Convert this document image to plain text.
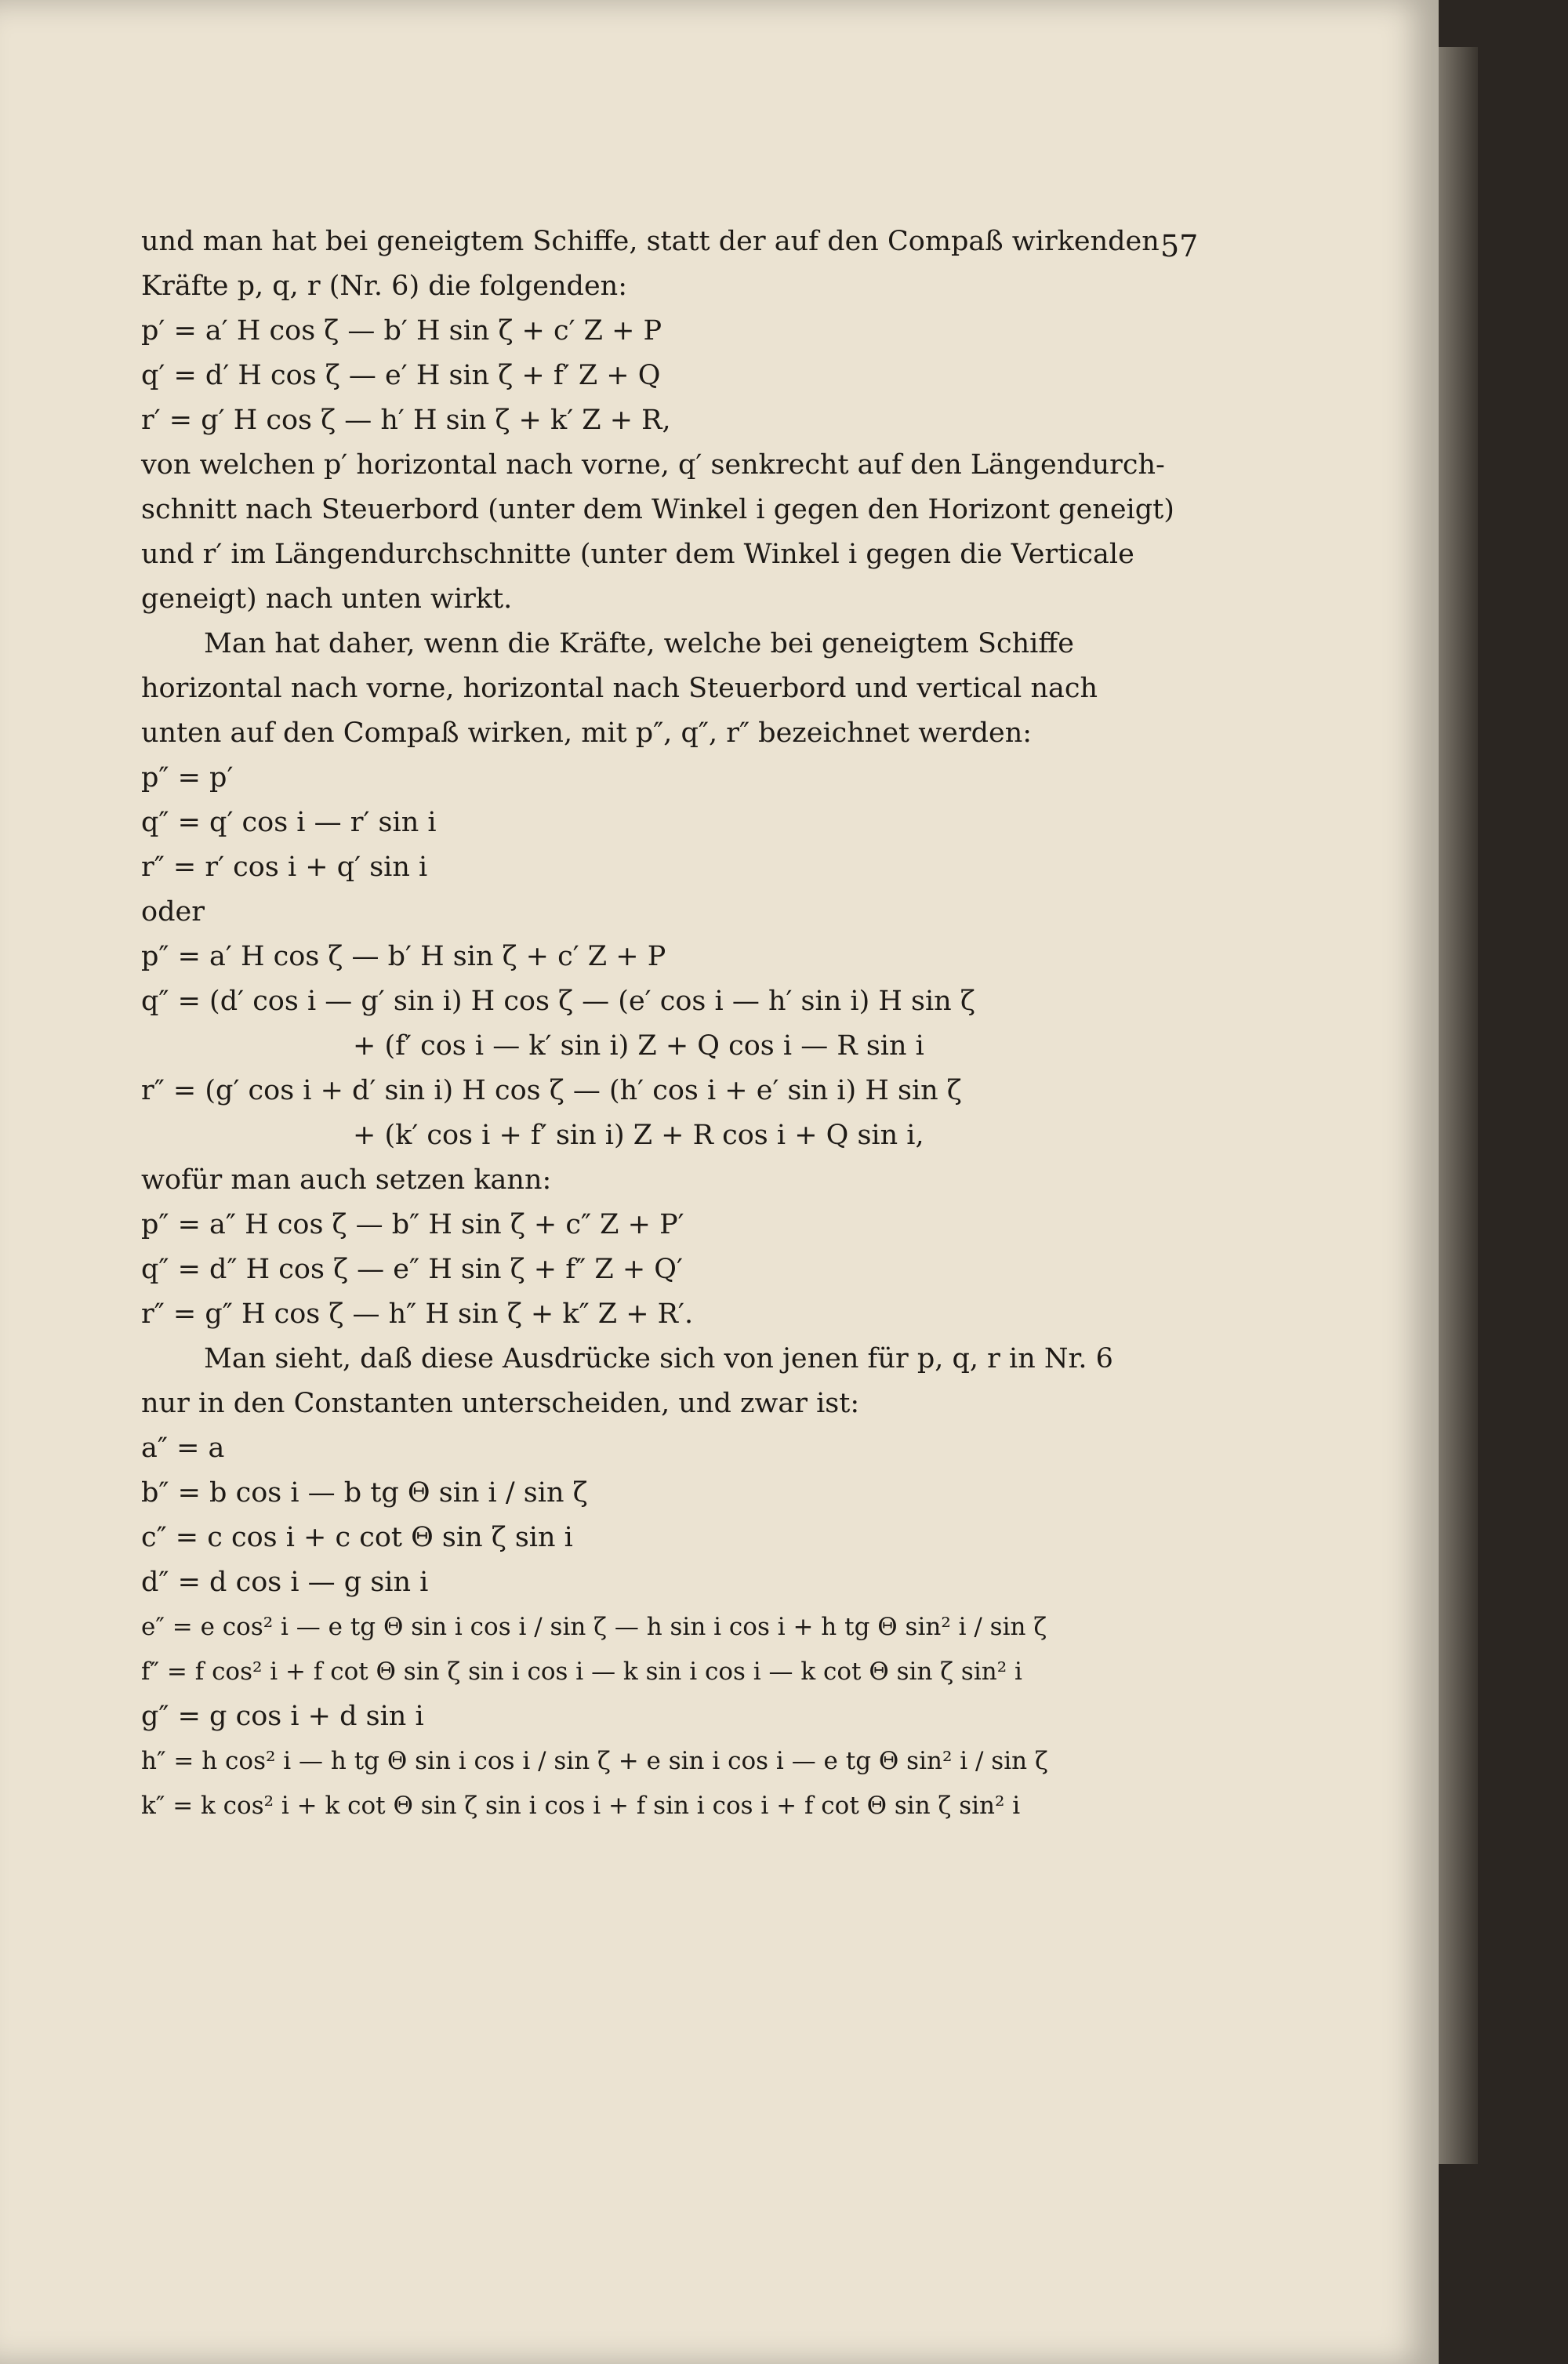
57
und man hat bei geneigtem Schiffe, statt der auf den Compaß wirkenden
Kräfte p, q, r (Nr. 6) die folgenden:
p′ = a′ H cos ζ — b′ H sin ζ + c′ Z + P
q′ = d′ H cos ζ — e′ H sin ζ + f′ Z + Q
r′ = g′ H cos ζ — h′ H sin ζ + k′ Z + R,
von welchen p′ horizontal nach vorne, q′ senkrecht auf den Längendurch-
schnitt nach Steuerbord (unter dem Winkel i gegen den Horizont geneigt)
und r′ im Längendurchschnitte (unter dem Winkel i gegen die Verticale
geneigt) nach unten wirkt.
Man hat daher, wenn die Kräfte, welche bei geneigtem Schiffe
horizontal nach vorne, horizontal nach Steuerbord und vertical nach
unten auf den Compaß wirken, mit p″, q″, r″ bezeichnet werden:
p″ = p′
q″ = q′ cos i — r′ sin i
r″ = r′ cos i + q′ sin i
oder
p″ = a′ H cos ζ — b′ H sin ζ + c′ Z + P
q″ = (d′ cos i — g′ sin i) H cos ζ — (e′ cos i — h′ sin i) H sin ζ
+ (f′ cos i — k′ sin i) Z + Q cos i — R sin i
r″ = (g′ cos i + d′ sin i) H cos ζ — (h′ cos i + e′ sin i) H sin ζ
+ (k′ cos i + f′ sin i) Z + R cos i + Q sin i,
wofür man auch setzen kann:
p″ = a″ H cos ζ — b″ H sin ζ + c″ Z + P′
q″ = d″ H cos ζ — e″ H sin ζ + f″ Z + Q′
r″ = g″ H cos ζ — h″ H sin ζ + k″ Z + R′.
Man sieht, daß diese Ausdrücke sich von jenen für p, q, r in Nr. 6
nur in den Constanten unterscheiden, und zwar ist:
a″ = a
b″ = b cos i — b tg Θ sin i / sin ζ
c″ = c cos i + c cot Θ sin ζ sin i
d″ = d cos i — g sin i
e″ = e cos² i — e tg Θ sin i cos i / sin ζ — h sin i cos i + h tg Θ sin² i / sin ζ
f″ = f cos² i + f cot Θ sin ζ sin i cos i — k sin i cos i — k cot Θ sin ζ sin² i
g″ = g cos i + d sin i
h″ = h cos² i — h tg Θ sin i cos i / sin ζ + e sin i cos i — e tg Θ sin² i / sin ζ
k″ = k cos² i + k cot Θ sin ζ sin i cos i + f sin i cos i + f cot Θ sin ζ sin² i
